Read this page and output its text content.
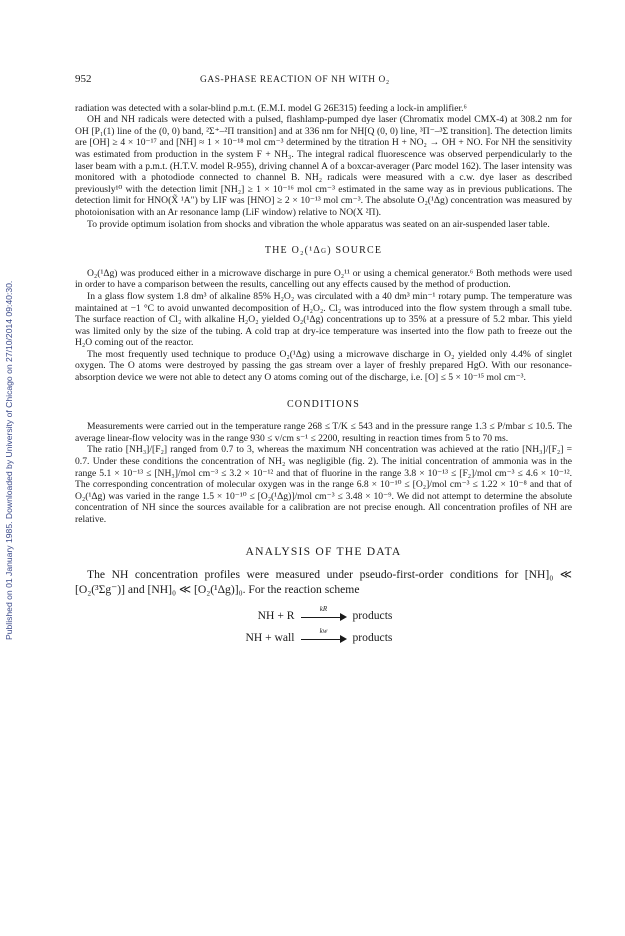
Published on 01 January 1985. Downloaded by University of Chicago on 27/10/2014 09:40:30.
952	GAS-PHASE REACTION OF NH WITH O₂

radiation was detected with a solar-blind p.m.t. (E.M.I. model G 26E315) feeding a lock-in amplifier.⁶

OH and NH radicals were detected with a pulsed, flashlamp-pumped dye laser (Chromatix model CMX-4) at 308.2 nm for OH [P₁(1) line of the (0, 0) band, ²Σ⁺–²Π transition] and at 336 nm for NH[Q (0, 0) line, ³Π⁻–³Σ transition]. The detection limits are [OH] ≥ 4 × 10⁻¹⁷ and [NH] ≈ 1 × 10⁻¹⁸ mol cm⁻³ determined by the titration H + NO₂ → OH + NO. For NH the sensitivity was estimated from production in the system F + NH₃. The integral radical fluorescence was observed perpendicularly to the laser beam with a p.m.t. (H.T.V. model R-955), driving channel A of a boxcar-averager (Parc model 162). The laser intensity was monitored with a photodiode connected to channel B. NH₂ radicals were measured with a c.w. dye laser as described previously¹⁰ with the detection limit [NH₂] ≥ 1 × 10⁻¹⁶ mol cm⁻³ estimated in the same way as in previous publications. The detection limit for HNO(X̃ ¹A″) by LIF was [HNO] ≥ 2 × 10⁻¹³ mol cm⁻³. The absolute O₂(¹Δg) concentration was measured by photoionisation with an Ar resonance lamp (LiF window) relative to NO(X ²Π).

To provide optimum isolation from shocks and vibration the whole apparatus was seated on an air-suspended laser table.

THE O₂(¹Δg) SOURCE

O₂(¹Δg) was produced either in a microwave discharge in pure O₂¹¹ or using a chemical generator.⁶ Both methods were used in order to have a comparison between the results, cancelling out any effects caused by the method of production.

In a glass flow system 1.8 dm³ of alkaline 85% H₂O₂ was circulated with a 40 dm³ min⁻¹ rotary pump. The temperature was maintained at −1 °C to avoid unwanted decomposition of H₂O₂. Cl₂ was introduced into the flow system through a small tube. The surface reaction of Cl₂ with alkaline H₂O₂ yielded O₂(¹Δg) concentrations up to 35% at a pressure of 5.2 mbar. This yield was limited only by the size of the tubing. A cold trap at dry-ice temperature was inserted into the flow path to freeze out the H₂O coming out of the reactor.

The most frequently used technique to produce O₂(¹Δg) using a microwave discharge in O₂ yielded only 4.4% of singlet oxygen. The O atoms were destroyed by passing the gas stream over a layer of freshly prepared HgO. With our resonance-absorption device we were not able to detect any O atoms coming out of the discharge, i.e. [O] ≤ 5 × 10⁻¹⁵ mol cm⁻³.

CONDITIONS

Measurements were carried out in the temperature range 268 ≤ T/K ≤ 543 and in the pressure range 1.3 ≤ P/mbar ≤ 10.5. The average linear-flow velocity was in the range 930 ≤ v/cm s⁻¹ ≤ 2200, resulting in reaction times from 5 to 70 ms.

The ratio [NH₃]/[F₂] ranged from 0.7 to 3, whereas the maximum NH concentration was achieved at the ratio [NH₃]/[F₂] = 0.7. Under these conditions the concentration of NH₂ was negligible (fig. 2). The initial concentration of ammonia was in the range 5.1 × 10⁻¹³ ≤ [NH₃]/mol cm⁻³ ≤ 3.2 × 10⁻¹² and that of fluorine in the range 3.8 × 10⁻¹³ ≤ [F₂]/mol cm⁻³ ≤ 4.6 × 10⁻¹². The corresponding concentration of molecular oxygen was in the range 6.8 × 10⁻¹⁰ ≤ [O₂]/mol cm⁻³ ≤ 1.22 × 10⁻⁸ and that of O₂(¹Δg) was varied in the range 1.5 × 10⁻¹⁰ ≤ [O₂(¹Δg)]/mol cm⁻³ ≤ 3.48 × 10⁻⁹. We did not attempt to determine the absolute concentration of NH since the sources available for a calibration are not precise enough. All concentration profiles of NH are relative.

ANALYSIS OF THE DATA

The NH concentration profiles were measured under pseudo-first-order conditions for [NH]₀ ≪ [O₂(³Σg⁻)] and [NH]₀ ≪ [O₂(¹Δg)]₀. For the reaction scheme

NH + R
kR
products
NH + wall
kw
products
